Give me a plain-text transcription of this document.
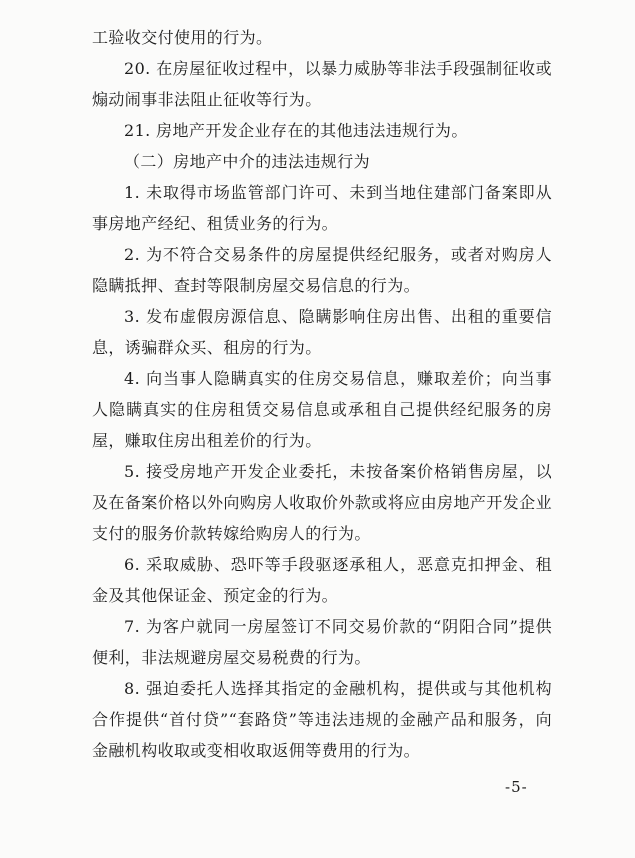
工验收交付使用的行为。

20. 在房屋征收过程中，以暴力威胁等非法手段强制征收或煽动闹事非法阻止征收等行为。

21. 房地产开发企业存在的其他违法违规行为。

（二）房地产中介的违法违规行为

1. 未取得市场监管部门许可、未到当地住建部门备案即从事房地产经纪、租赁业务的行为。

2. 为不符合交易条件的房屋提供经纪服务，或者对购房人隐瞒抵押、查封等限制房屋交易信息的行为。

3. 发布虚假房源信息、隐瞒影响住房出售、出租的重要信息，诱骗群众买、租房的行为。

4. 向当事人隐瞒真实的住房交易信息，赚取差价；向当事人隐瞒真实的住房租赁交易信息或承租自己提供经纪服务的房屋，赚取住房出租差价的行为。

5. 接受房地产开发企业委托，未按备案价格销售房屋，以及在备案价格以外向购房人收取价外款或将应由房地产开发企业支付的服务价款转嫁给购房人的行为。

6. 采取威胁、恐吓等手段驱逐承租人，恶意克扣押金、租金及其他保证金、预定金的行为。

7. 为客户就同一房屋签订不同交易价款的“阴阳合同”提供便利，非法规避房屋交易税费的行为。

8. 强迫委托人选择其指定的金融机构，提供或与其他机构合作提供“首付贷”“套路贷”等违法违规的金融产品和服务，向金融机构收取或变相收取返佣等费用的行为。

-5-
